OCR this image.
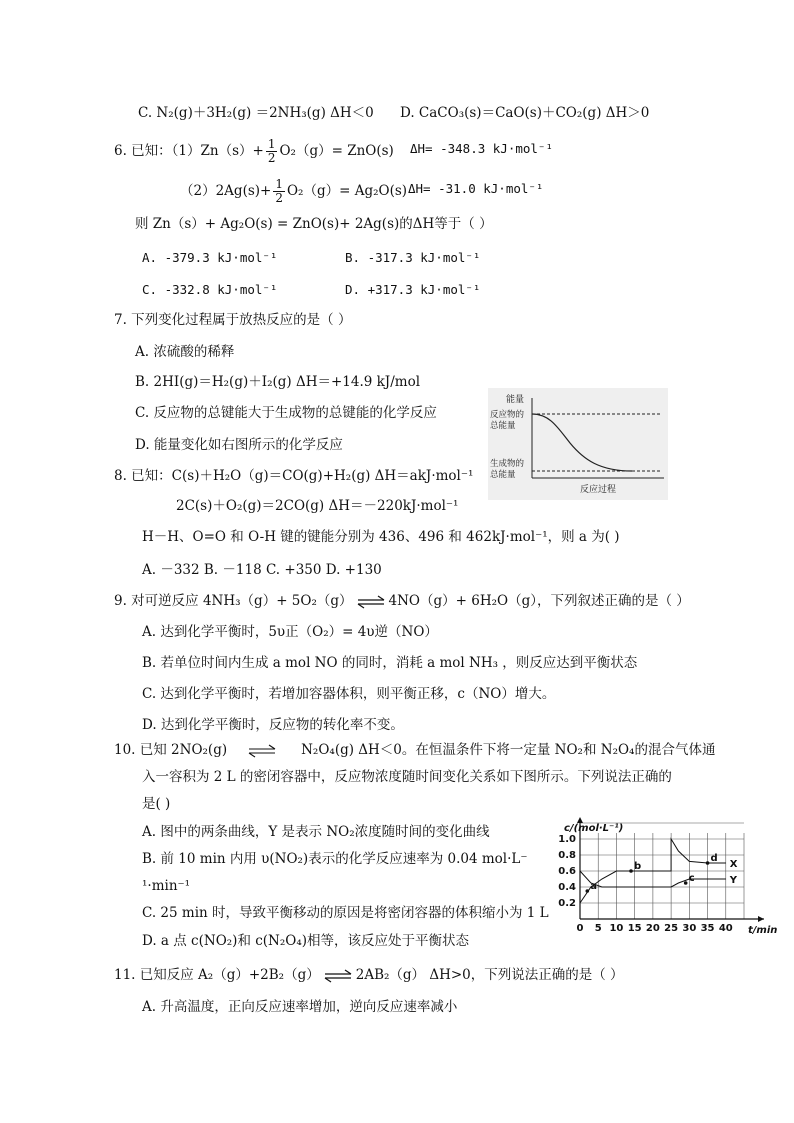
C. N₂(g)＋3H₂(g) ＝2NH₃(g) ΔH＜0 D. CaCO₃(s)＝CaO(s)＋CO₂(g) ΔH＞0
6. 已知：$(1)Zn(s)+ \frac{1}{2} O_2(g)= ZnO(s)$ ΔH= -348.3 kJ·mol⁻¹
$(2)2Ag(s)+ \frac{1}{2} O_2(g)= Ag_2O(s)$ ΔH= -31.0 kJ·mol⁻¹
则 Zn（s）+ Ag₂O(s) = ZnO(s)+ 2Ag(s)的ΔH等于（ ）
A. -379.3 kJ·mol⁻¹	B. -317.3 kJ·mol⁻¹
C. -332.8 kJ·mol⁻¹	D. +317.3 kJ·mol⁻¹
7. 下列变化过程属于放热反应的是（ ）
A. 浓硫酸的稀释
B. 2HI(g)＝H₂(g)＋I₂(g) ΔH＝+14.9 kJ/mol
C. 反应物的总键能大于生成物的总键能的化学反应
D. 能量变化如右图所示的化学反应
能量
反应物的
总能量
生成物的
总能量
反应过程
8. 已知：C(s)＋H₂O（g)＝CO(g)+H₂(g) ΔH＝akJ·mol⁻¹
2C(s)＋O₂(g)＝2CO(g) ΔH＝－220kJ·mol⁻¹
H－H、O=O 和 O-H 键的键能分别为 436、496 和 462kJ·mol⁻¹，则 a 为( )
A. －332 B. －118 C. +350 D. +130
9. 对可逆反应 4NH₃（g）+ 5O₂（g） ⇌ 4NO（g）+ 6H₂O（g），下列叙述正确的是（ ）
A. 达到化学平衡时，5υ正（O₂）= 4υ逆（NO）
B. 若单位时间内生成 a mol NO 的同时，消耗 a mol NH₃ ，则反应达到平衡状态
C. 达到化学平衡时，若增加容器体积，则平衡正移，c（NO）增大。
D. 达到化学平衡时，反应物的转化率不变。
10. 已知 2NO₂(g) ⇌ N₂O₄(g) ΔH＜0。在恒温条件下将一定量 NO₂和 N₂O₄的混合气体通
入一容积为 2 L 的密闭容器中，反应物浓度随时间变化关系如下图所示。下列说法正确的
是( )
A. 图中的两条曲线，Y 是表示 NO₂浓度随时间的变化曲线
B. 前 10 min 内用 υ(NO₂)表示的化学反应速率为 0.04 mol·L⁻
¹·min⁻¹
C. 25 min 时，导致平衡移动的原因是将密闭容器的体积缩小为 1 L
D. a 点 c(NO₂)和 c(N₂O₄)相等，该反应处于平衡状态
c/(mol·L⁻¹)
t/min
0 5 10 15 20 25 30 35 40
0.2
0.4
0.6
0.8
1.0
X
Y
a
b
c
d
11. 已知反应 A₂（g）+2B₂（g） ⇌ 2AB₂（g） ΔH>0，下列说法正确的是（ ）
A. 升高温度，正向反应速率增加，逆向反应速率减小
